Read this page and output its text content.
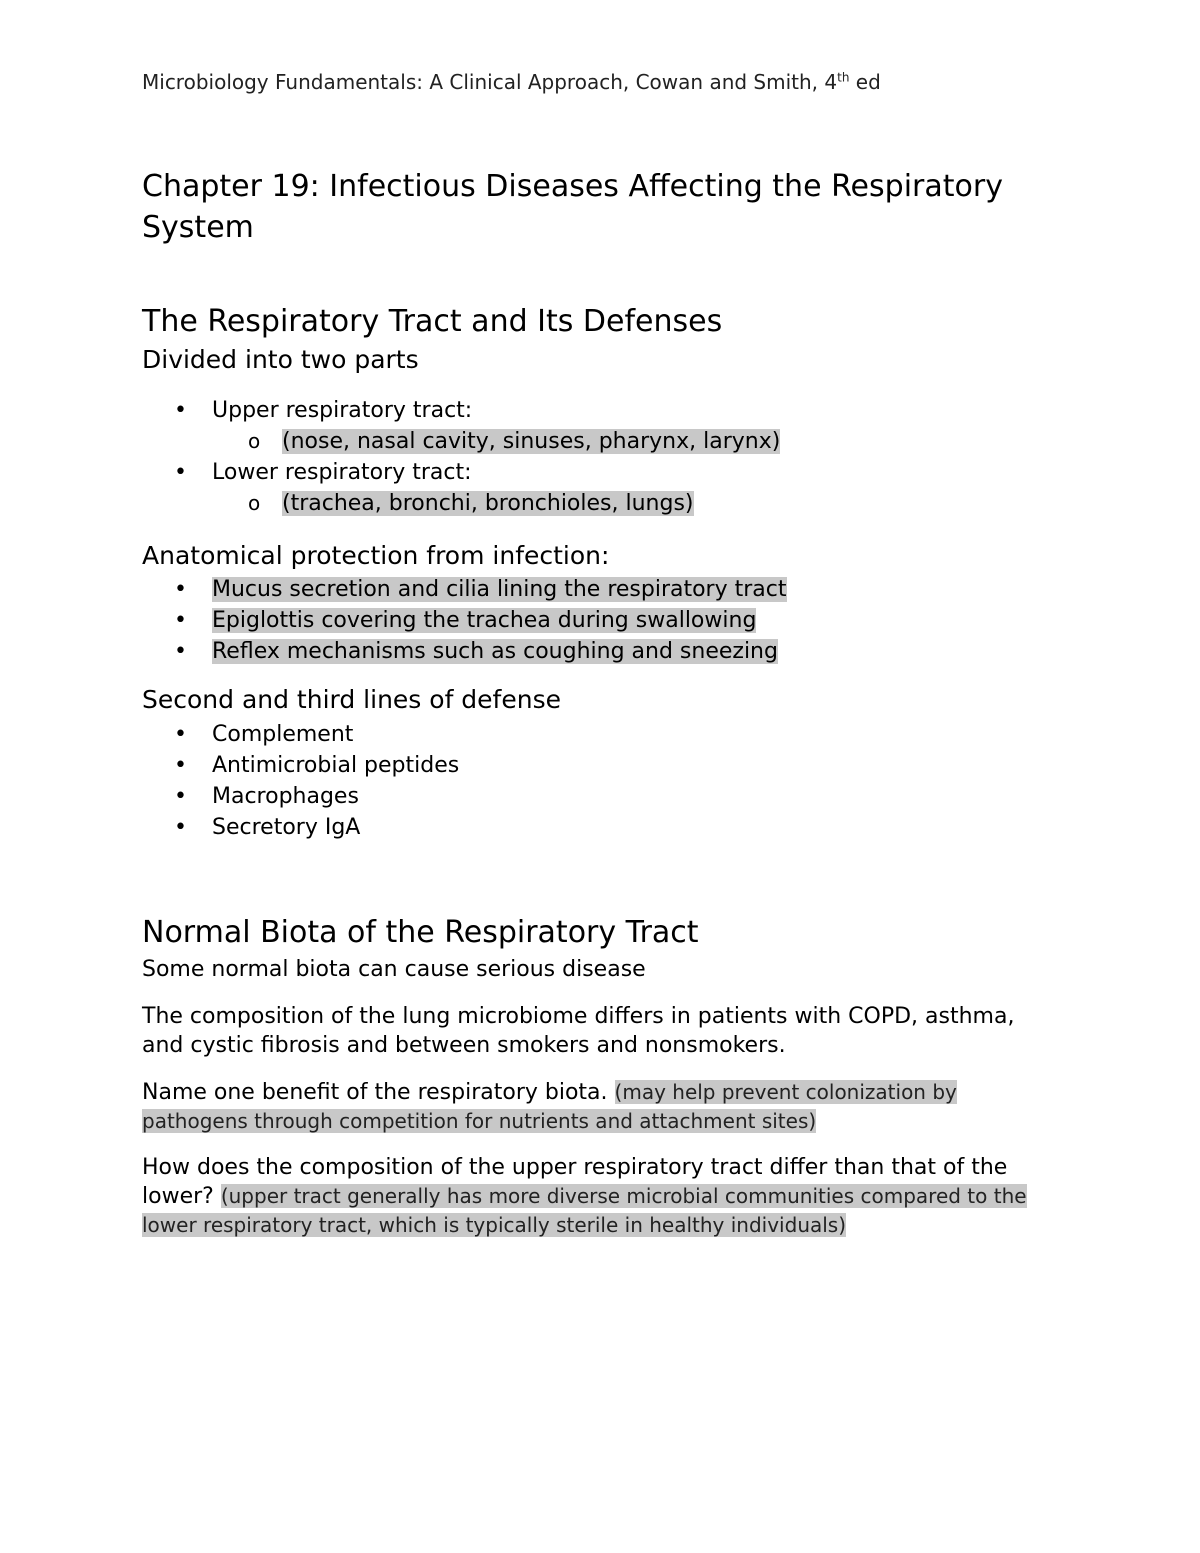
Microbiology Fundamentals: A Clinical Approach, Cowan and Smith, 4th ed
Chapter 19: Infectious Diseases Affecting the Respiratory System
The Respiratory Tract and Its Defenses
Divided into two parts
• Upper respiratory tract:
o (nose, nasal cavity, sinuses, pharynx, larynx)
• Lower respiratory tract:
o (trachea, bronchi, bronchioles, lungs)
Anatomical protection from infection:
• Mucus secretion and cilia lining the respiratory tract
• Epiglottis covering the trachea during swallowing
• Reflex mechanisms such as coughing and sneezing
Second and third lines of defense
• Complement
• Antimicrobial peptides
• Macrophages
• Secretory IgA
Normal Biota of the Respiratory Tract
Some normal biota can cause serious disease

The composition of the lung microbiome differs in patients with COPD, asthma, and cystic fibrosis and between smokers and nonsmokers.

Name one benefit of the respiratory biota. (may help prevent colonization by pathogens through competition for nutrients and attachment sites)

How does the composition of the upper respiratory tract differ than that of the lower? (upper tract generally has more diverse microbial communities compared to the lower respiratory tract, which is typically sterile in healthy individuals)
